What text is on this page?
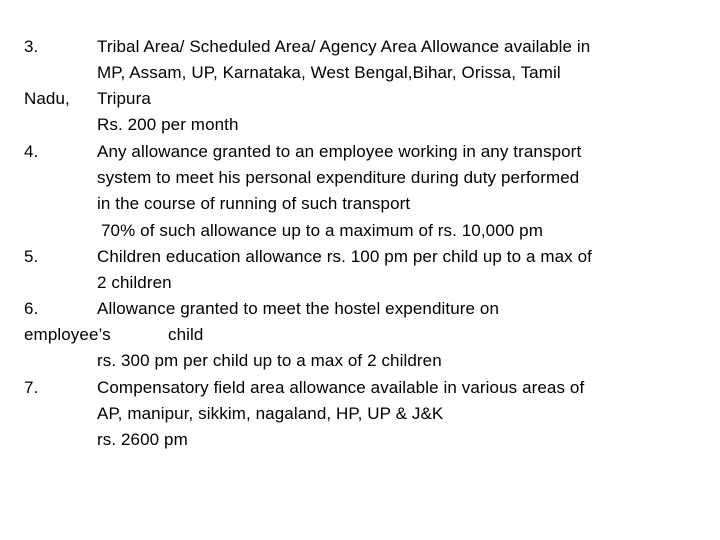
3.	Tribal Area/ Scheduled Area/ Agency Area Allowance available in
MP, Assam, UP, Karnataka, West Bengal,Bihar, Orissa, Tamil
Nadu, Tripura
Rs. 200 per month
4.	Any allowance granted to an employee working in any transport
system to meet his personal expenditure during duty performed
in the course of running of such transport
70% of such allowance up to a maximum of rs. 10,000 pm
5.	Children education allowance rs. 100 pm per child up to a max of
2 children
6.	Allowance granted to meet the hostel expenditure on
employee’s	child
rs. 300 pm per child up to a max of 2 children
7.	Compensatory field area allowance available in various areas of
AP, manipur, sikkim, nagaland, HP, UP & J&K
rs. 2600 pm
